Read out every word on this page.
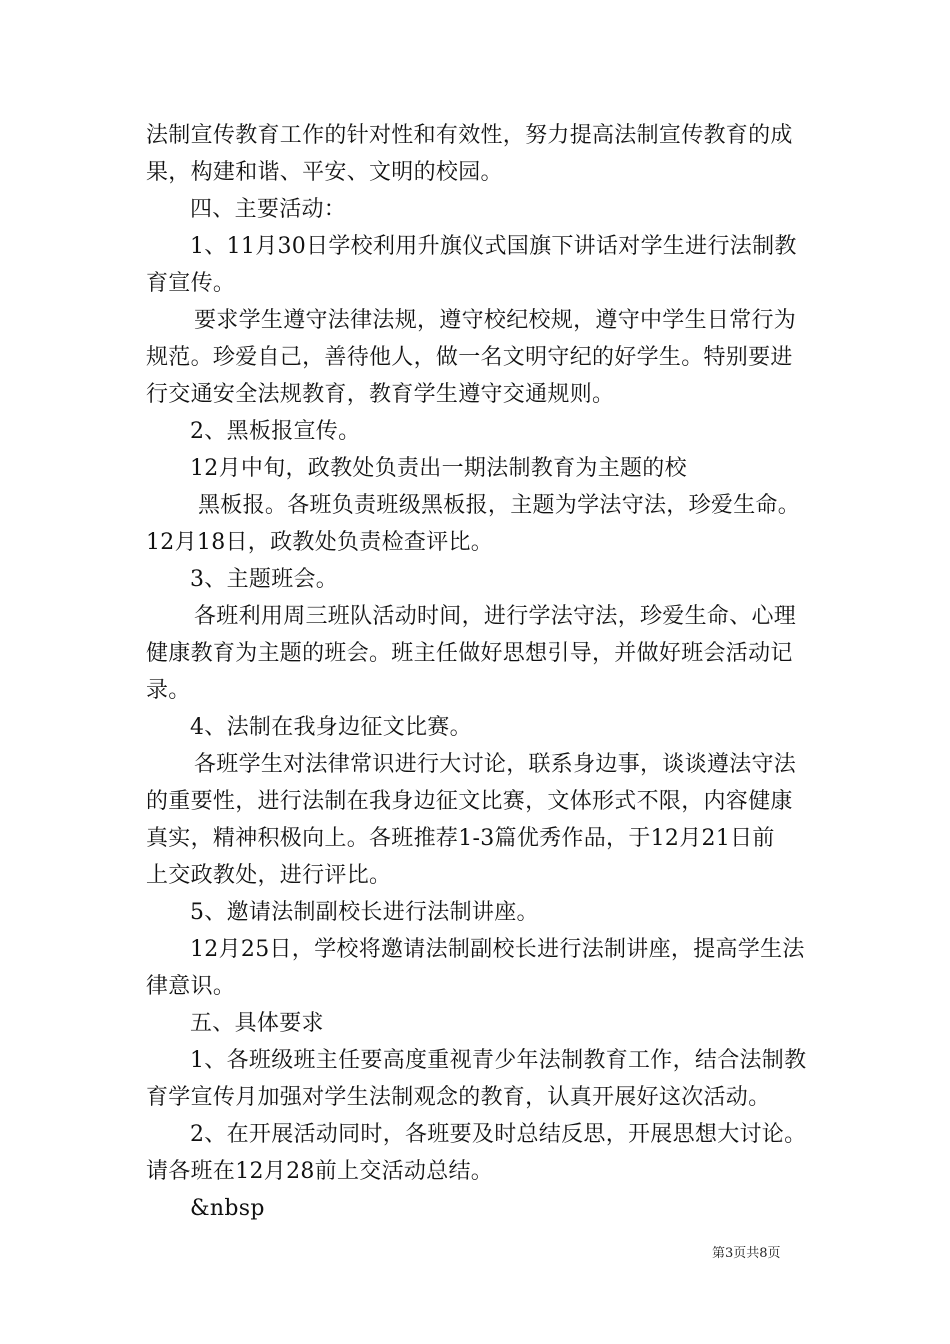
法制宣传教育工作的针对性和有效性，努力提高法制宣传教育的成
果，构建和谐、平安、文明的校园。
四、主要活动：
1、11月30日学校利用升旗仪式国旗下讲话对学生进行法制教
育宣传。
要求学生遵守法律法规，遵守校纪校规，遵守中学生日常行为
规范。珍爱自己，善待他人，做一名文明守纪的好学生。特别要进
行交通安全法规教育，教育学生遵守交通规则。
2、黑板报宣传。
12月中旬，政教处负责出一期法制教育为主题的校
黑板报。各班负责班级黑板报，主题为学法守法，珍爱生命。
12月18日，政教处负责检查评比。
3、主题班会。
各班利用周三班队活动时间，进行学法守法，珍爱生命、心理
健康教育为主题的班会。班主任做好思想引导，并做好班会活动记
录。
4、法制在我身边征文比赛。
各班学生对法律常识进行大讨论，联系身边事，谈谈遵法守法
的重要性，进行法制在我身边征文比赛，文体形式不限，内容健康
真实，精神积极向上。各班推荐1-3篇优秀作品，于12月21日前
上交政教处，进行评比。
5、邀请法制副校长进行法制讲座。
12月25日，学校将邀请法制副校长进行法制讲座，提高学生法
律意识。
五、具体要求
1、各班级班主任要高度重视青少年法制教育工作，结合法制教
育学宣传月加强对学生法制观念的教育，认真开展好这次活动。
2、在开展活动同时，各班要及时总结反思，开展思想大讨论。
请各班在12月28前上交活动总结。
&nbsp
第3页共8页
